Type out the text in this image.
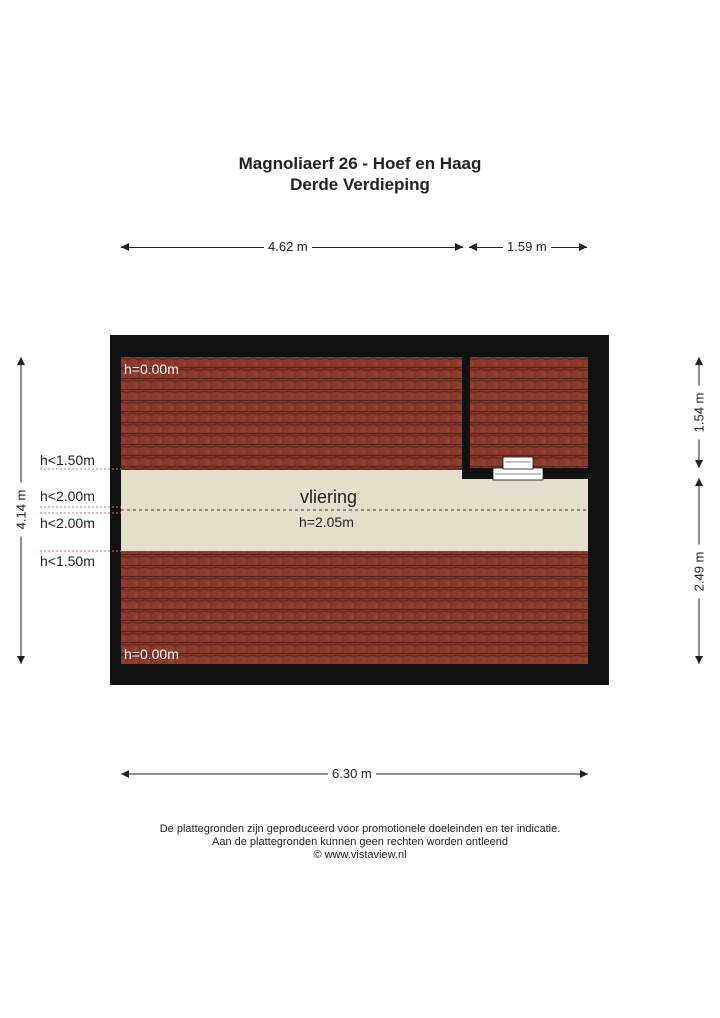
Magnoliaerf 26 - Hoef en Haag
Derde Verdieping
4.62 m	1.59 m
h=0.00m
h=0.00m
h<1.50m
h<2.00m
h<2.00m
h<1.50m
vliering
h=2.05m
4.14 m
1.54 m
2.49 m
6.30 m
De plattegronden zijn geproduceerd voor promotionele doeleinden en ter indicatie.
Aan de plattegronden kunnen geen rechten worden ontleend
© www.vistaview.nl
